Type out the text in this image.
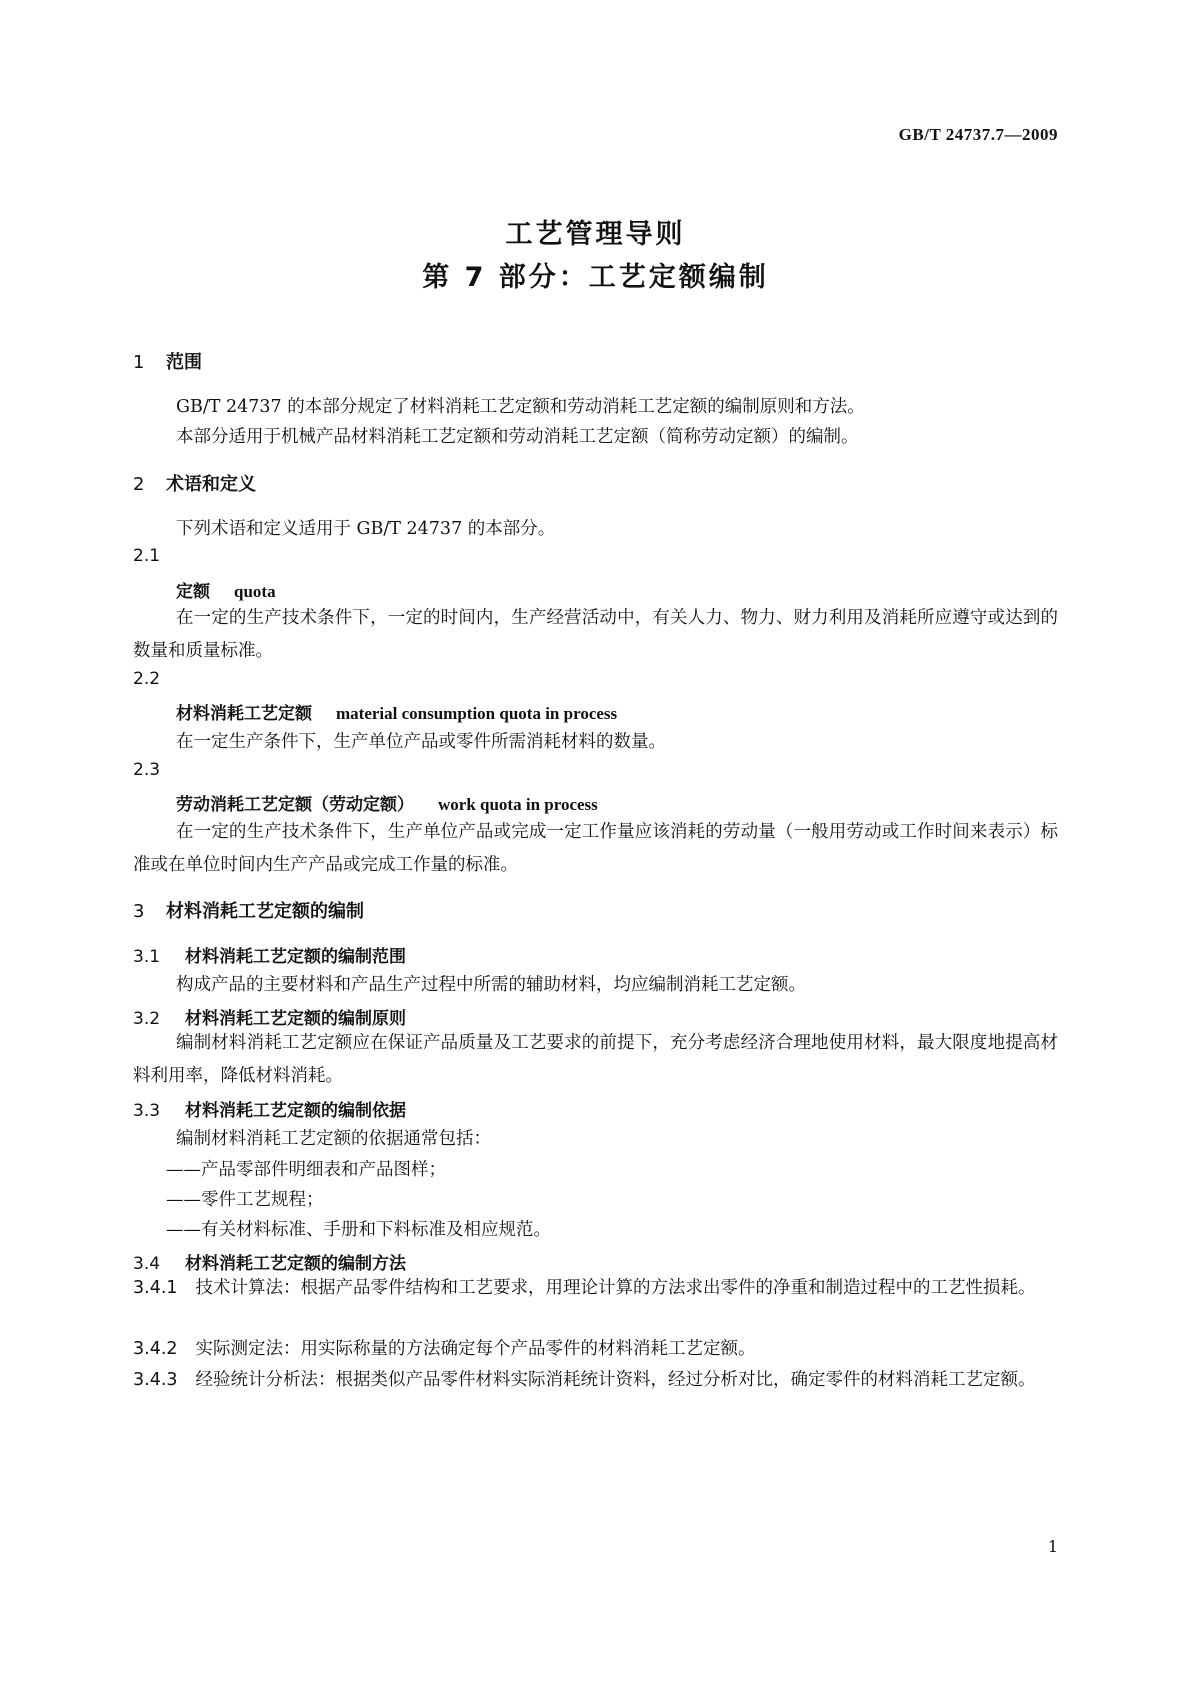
GB/T 24737.7—2009
工艺管理导则
第 7 部分：工艺定额编制
1 范围
GB/T 24737 的本部分规定了材料消耗工艺定额和劳动消耗工艺定额的编制原则和方法。
本部分适用于机械产品材料消耗工艺定额和劳动消耗工艺定额（简称劳动定额）的编制。
2 术语和定义
下列术语和定义适用于 GB/T 24737 的本部分。
2.1
定额 quota
在一定的生产技术条件下，一定的时间内，生产经营活动中，有关人力、物力、财力利用及消耗所应遵守或达到的数量和质量标准。
2.2
材料消耗工艺定额 material consumption quota in process
在一定生产条件下，生产单位产品或零件所需消耗材料的数量。
2.3
劳动消耗工艺定额（劳动定额） work quota in process
在一定的生产技术条件下，生产单位产品或完成一定工作量应该消耗的劳动量（一般用劳动或工作时间来表示）标准或在单位时间内生产产品或完成工作量的标准。
3 材料消耗工艺定额的编制
3.1 材料消耗工艺定额的编制范围
构成产品的主要材料和产品生产过程中所需的辅助材料，均应编制消耗工艺定额。
3.2 材料消耗工艺定额的编制原则
编制材料消耗工艺定额应在保证产品质量及工艺要求的前提下，充分考虑经济合理地使用材料，最大限度地提高材料利用率，降低材料消耗。
3.3 材料消耗工艺定额的编制依据
编制材料消耗工艺定额的依据通常包括：
——产品零部件明细表和产品图样；
——零件工艺规程；
——有关材料标准、手册和下料标准及相应规范。
3.4 材料消耗工艺定额的编制方法
3.4.1 技术计算法：根据产品零件结构和工艺要求，用理论计算的方法求出零件的净重和制造过程中的工艺性损耗。
3.4.2 实际测定法：用实际称量的方法确定每个产品零件的材料消耗工艺定额。
3.4.3 经验统计分析法：根据类似产品零件材料实际消耗统计资料，经过分析对比，确定零件的材料消耗工艺定额。
1
